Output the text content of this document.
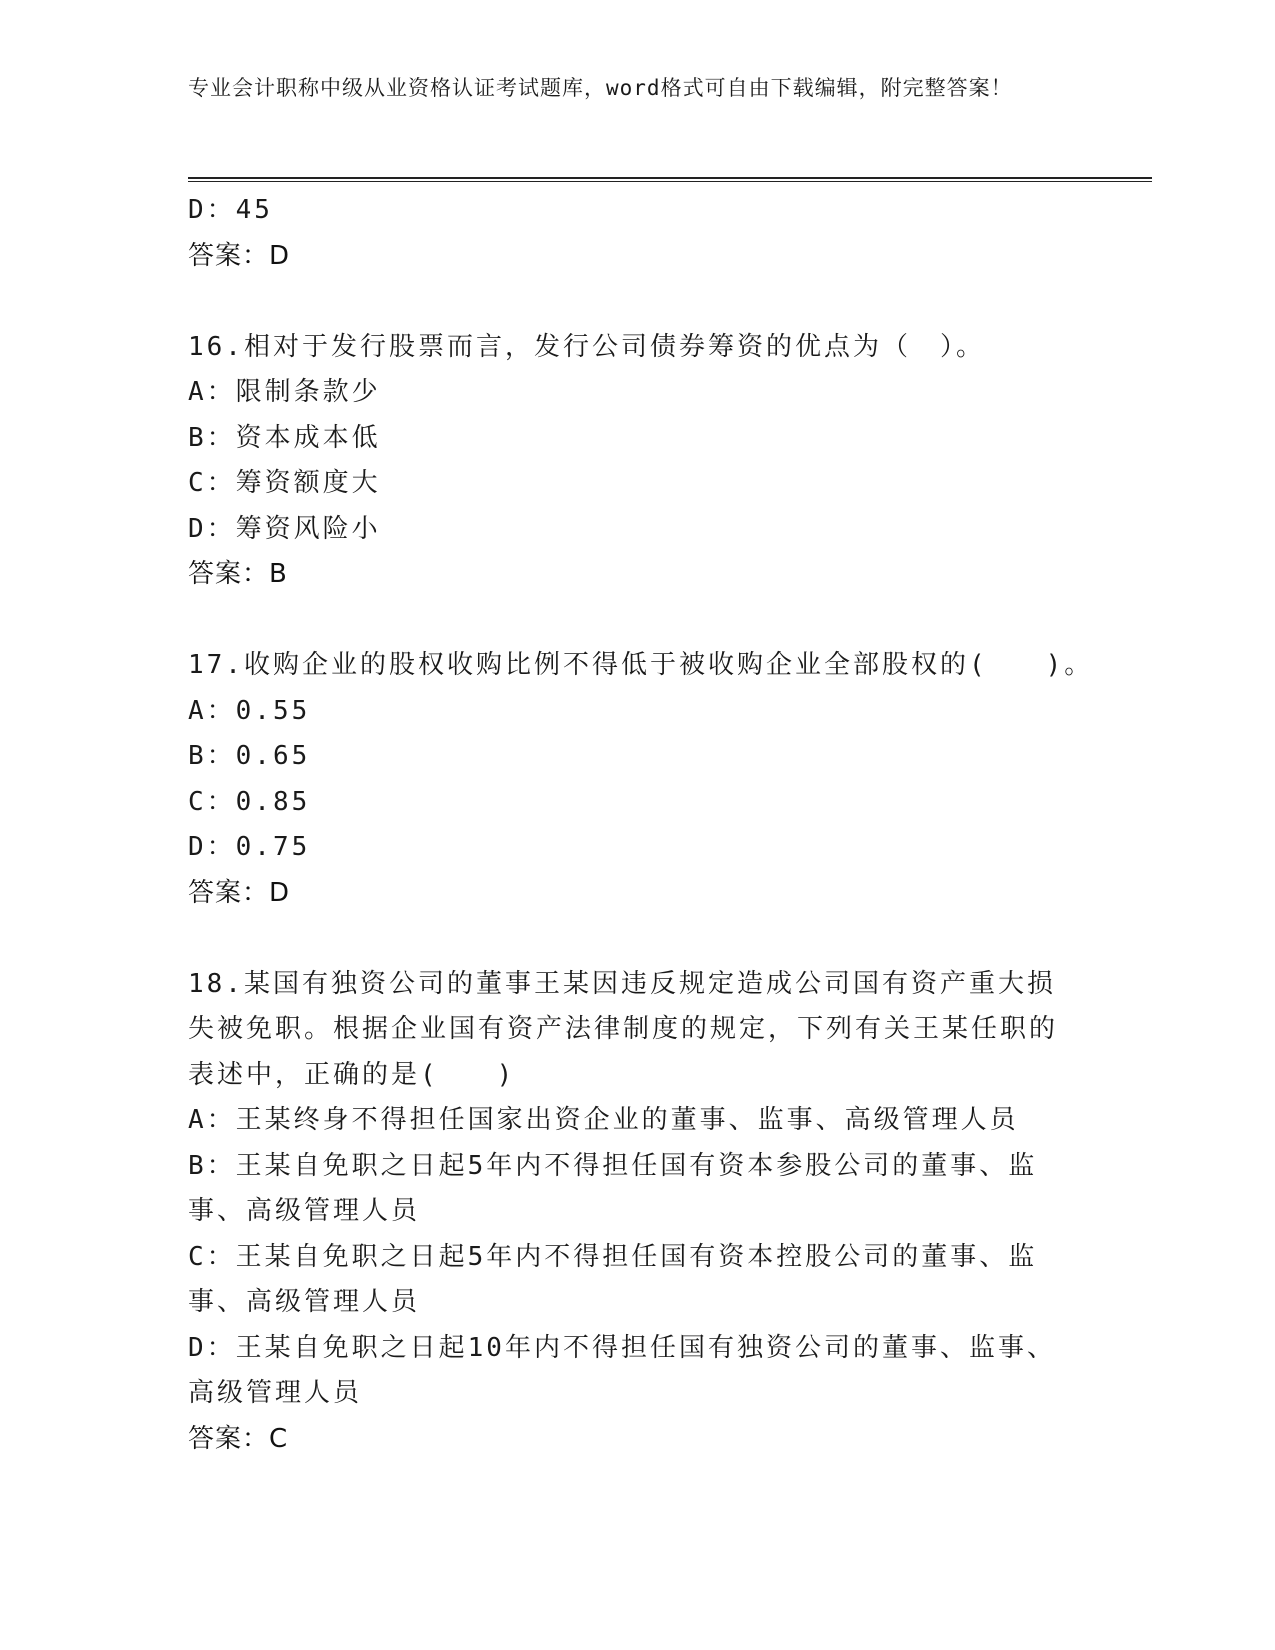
专业会计职称中级从业资格认证考试题库，word格式可自由下载编辑，附完整答案！
D：45
答案：D
16.相对于发行股票而言，发行公司债券筹资的优点为（　）。
A：限制条款少
B：资本成本低
C：筹资额度大
D：筹资风险小
答案：B
17.收购企业的股权收购比例不得低于被收购企业全部股权的(　　)。
A：0.55
B：0.65
C：0.85
D：0.75
答案：D
18.某国有独资公司的董事王某因违反规定造成公司国有资产重大损失被免职。根据企业国有资产法律制度的规定，下列有关王某任职的表述中，正确的是(　　)
A：王某终身不得担任国家出资企业的董事、监事、高级管理人员
B：王某自免职之日起5年内不得担任国有资本参股公司的董事、监事、高级管理人员
C：王某自免职之日起5年内不得担任国有资本控股公司的董事、监事、高级管理人员
D：王某自免职之日起10年内不得担任国有独资公司的董事、监事、高级管理人员
答案：C
